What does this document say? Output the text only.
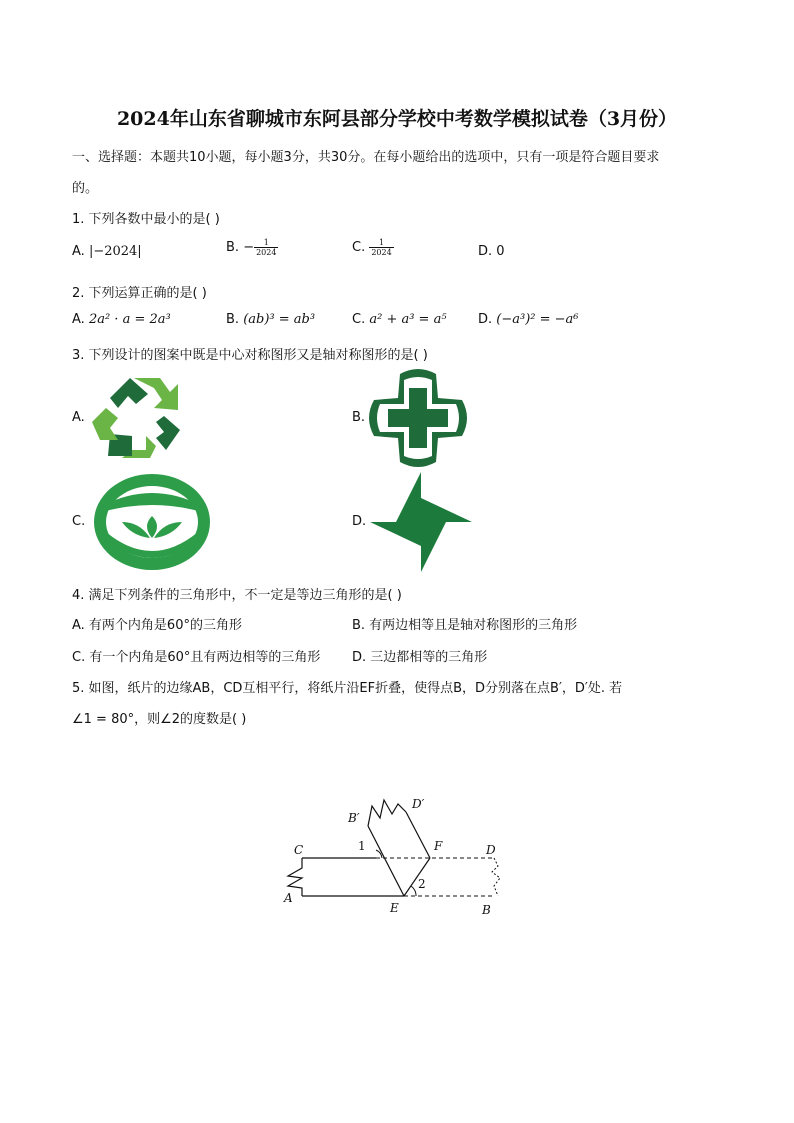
2024年山东省聊城市东阿县部分学校中考数学模拟试卷（3月份）
一、选择题：本题共10小题，每小题3分，共30分。在每小题给出的选项中，只有一项是符合题目要求
的。
1. 下列各数中最小的是( )
A. |−2024|	B. − $\frac{1}{2024}$	C. $\frac{1}{2024}$	D. 0
2. 下列运算正确的是( )
A. 2a² · a = 2a³	B. (ab)³ = ab³	C. a² + a³ = a⁵ D. (−a³)² = −a⁶
3. 下列设计的图案中既是中心对称图形又是轴对称图形的是( )
A.	B.
C.	D.
4. 满足下列条件的三角形中，不一定是等边三角形的是( )
A. 有两个内角是60°的三角形	B. 有两边相等且是轴对称图形的三角形
C. 有一个内角是60°且有两边相等的三角形 D. 三边都相等的三角形
5. 如图，纸片的边缘AB，CD互相平行，将纸片沿EF折叠，使得点B，D分别落在点B′，D′处. 若
∠1 = 80°，则∠2的度数是( )
C
A
E
F	D
B
B′
D′
1
2
